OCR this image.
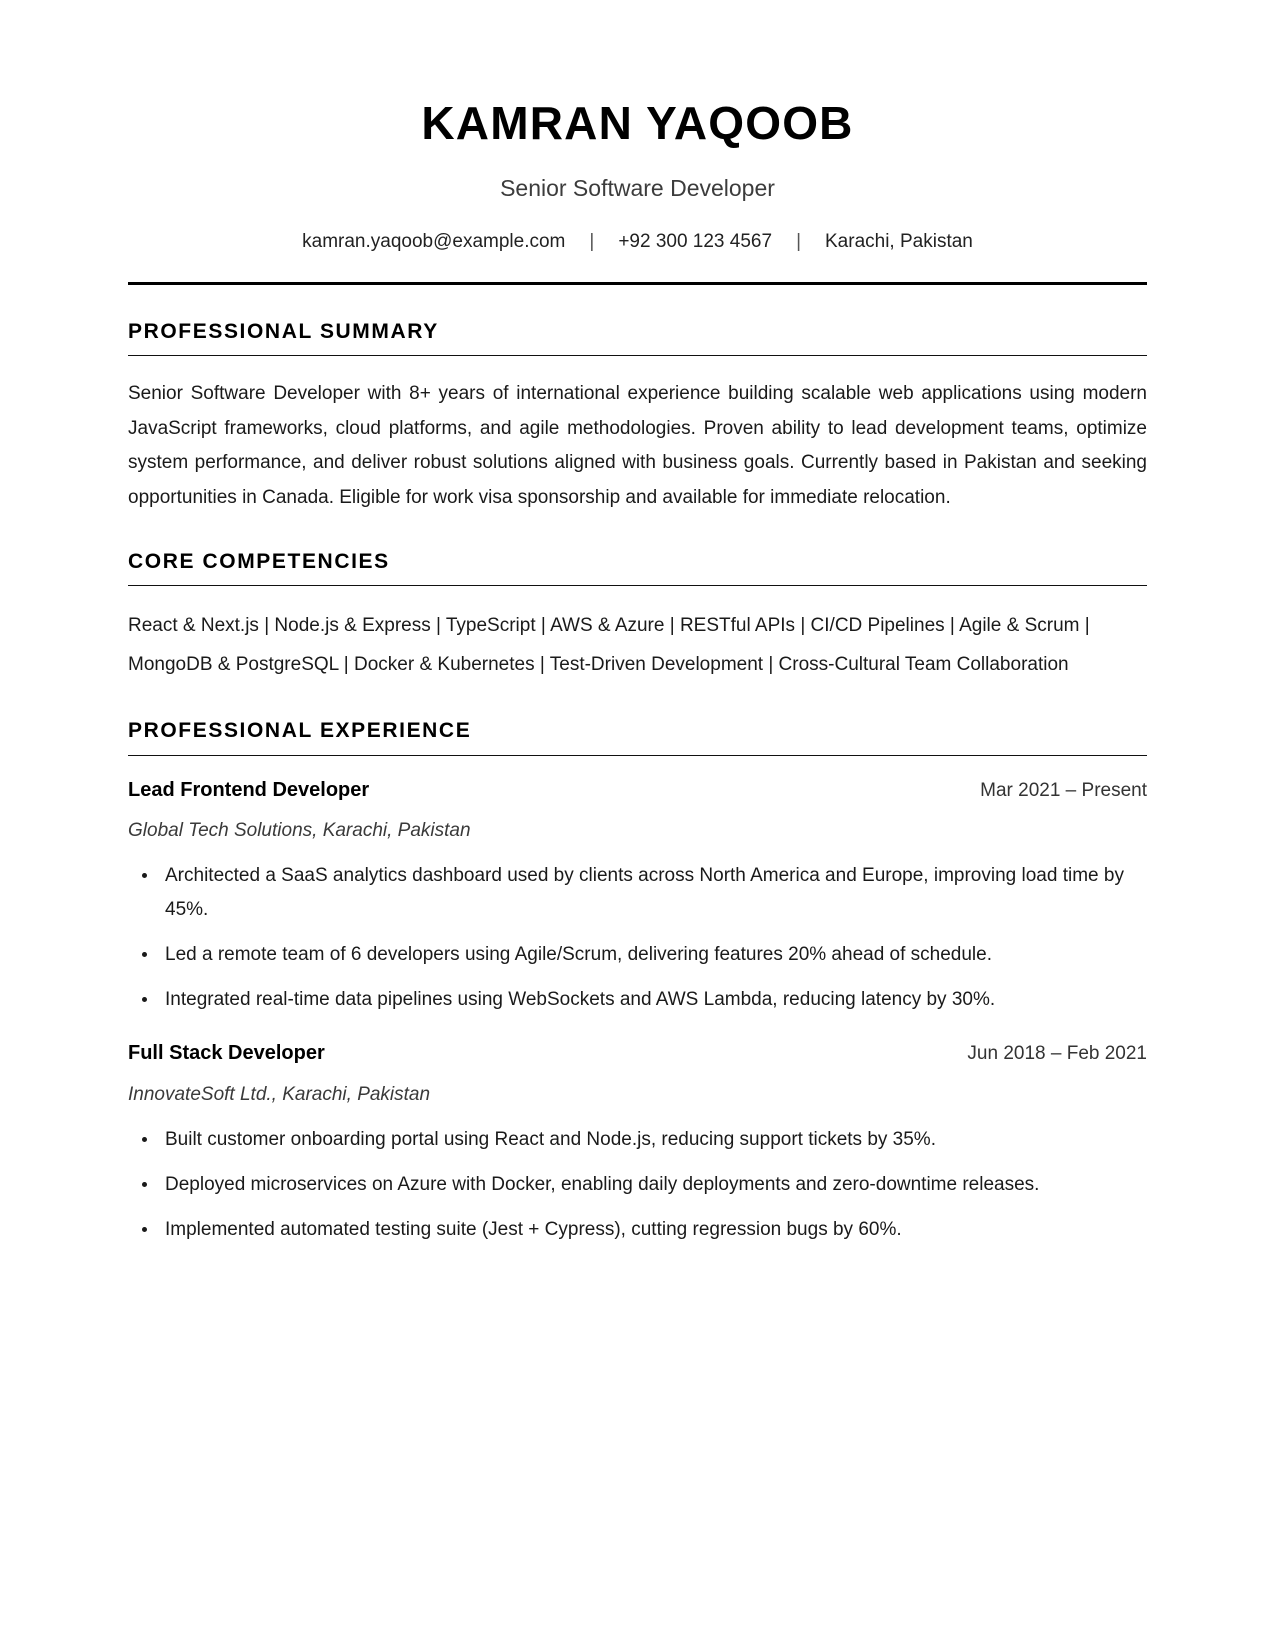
KAMRAN YAQOOB
Senior Software Developer
kamran.yaqoob@example.com | +92 300 123 4567 | Karachi, Pakistan
PROFESSIONAL SUMMARY

Senior Software Developer with 8+ years of international experience building scalable web applications using modern JavaScript frameworks, cloud platforms, and agile methodologies. Proven ability to lead development teams, optimize system performance, and deliver robust solutions aligned with business goals. Currently based in Pakistan and seeking opportunities in Canada. Eligible for work visa sponsorship and available for immediate relocation.

CORE COMPETENCIES

React & Next.js | Node.js & Express | TypeScript | AWS & Azure | RESTful APIs | CI/CD Pipelines | Agile & Scrum | MongoDB & PostgreSQL | Docker & Kubernetes | Test-Driven Development | Cross-Cultural Team Collaboration

PROFESSIONAL EXPERIENCE
Lead Frontend Developer	Mar 2021 – Present
Global Tech Solutions, Karachi, Pakistan
Architected a SaaS analytics dashboard used by clients across North America and Europe, improving load time by 45%.
Led a remote team of 6 developers using Agile/Scrum, delivering features 20% ahead of schedule.
Integrated real-time data pipelines using WebSockets and AWS Lambda, reducing latency by 30%.
Full Stack Developer	Jun 2018 – Feb 2021
InnovateSoft Ltd., Karachi, Pakistan
Built customer onboarding portal using React and Node.js, reducing support tickets by 35%.
Deployed microservices on Azure with Docker, enabling daily deployments and zero-downtime releases.
Implemented automated testing suite (Jest + Cypress), cutting regression bugs by 60%.
